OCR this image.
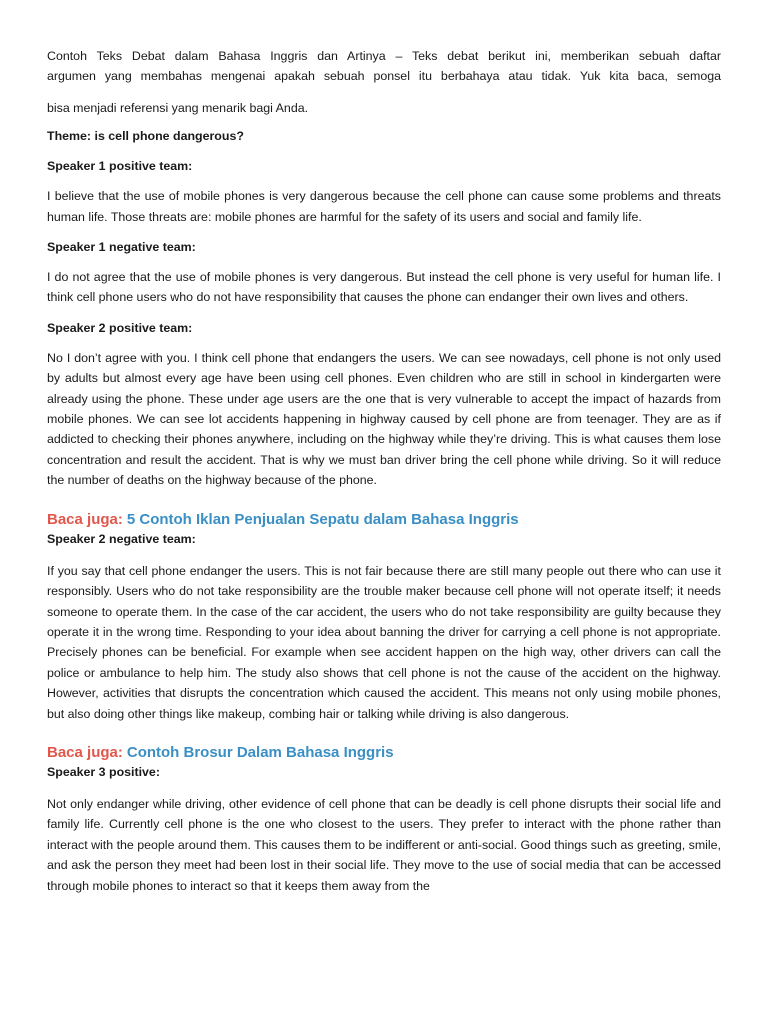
Contoh Teks Debat dalam Bahasa Inggris dan Artinya – Teks debat berikut ini, memberikan sebuah daftar
argumen yang membahas mengenai apakah sebuah ponsel itu berbahaya atau tidak. Yuk kita baca, semoga
bisa menjadi referensi yang menarik bagi Anda.

Theme: is cell phone dangerous?

Speaker 1 positive team:

I believe that the use of mobile phones is very dangerous because the cell phone can cause some problems and threats human life. Those threats are: mobile phones are harmful for the safety of its users and social and family life.

Speaker 1 negative team:

I do not agree that the use of mobile phones is very dangerous. But instead the cell phone is very useful for human life. I think cell phone users who do not have responsibility that causes the phone can endanger their own lives and others.

Speaker 2 positive team:

No I don’t agree with you. I think cell phone that endangers the users. We can see nowadays, cell phone is not only used by adults but almost every age have been using cell phones. Even children who are still in school in kindergarten were already using the phone. These under age users are the one that is very vulnerable to accept the impact of hazards from mobile phones. We can see lot accidents happening in highway caused by cell phone are from teenager. They are as if addicted to checking their phones anywhere, including on the highway while they’re driving. This is what causes them lose concentration and result the accident. That is why we must ban driver bring the cell phone while driving. So it will reduce the number of deaths on the highway because of the phone.

Baca juga: 5 Contoh Iklan Penjualan Sepatu dalam Bahasa Inggris

Speaker 2 negative team:

If you say that cell phone endanger the users. This is not fair because there are still many people out there who can use it responsibly. Users who do not take responsibility are the trouble maker because cell phone will not operate itself; it needs someone to operate them. In the case of the car accident, the users who do not take responsibility are guilty because they operate it in the wrong time. Responding to your idea about banning the driver for carrying a cell phone is not appropriate. Precisely phones can be beneficial. For example when see accident happen on the high way, other drivers can call the police or ambulance to help him. The study also shows that cell phone is not the cause of the accident on the highway. However, activities that disrupts the concentration which caused the accident. This means not only using mobile phones, but also doing other things like makeup, combing hair or talking while driving is also dangerous.

Baca juga: Contoh Brosur Dalam Bahasa Inggris

Speaker 3 positive:

Not only endanger while driving, other evidence of cell phone that can be deadly is cell phone disrupts their social life and family life. Currently cell phone is the one who closest to the users. They prefer to interact with the phone rather than interact with the people around them. This causes them to be indifferent or anti-social. Good things such as greeting, smile, and ask the person they meet had been lost in their social life. They move to the use of social media that can be accessed through mobile phones to interact so that it keeps them away from the
